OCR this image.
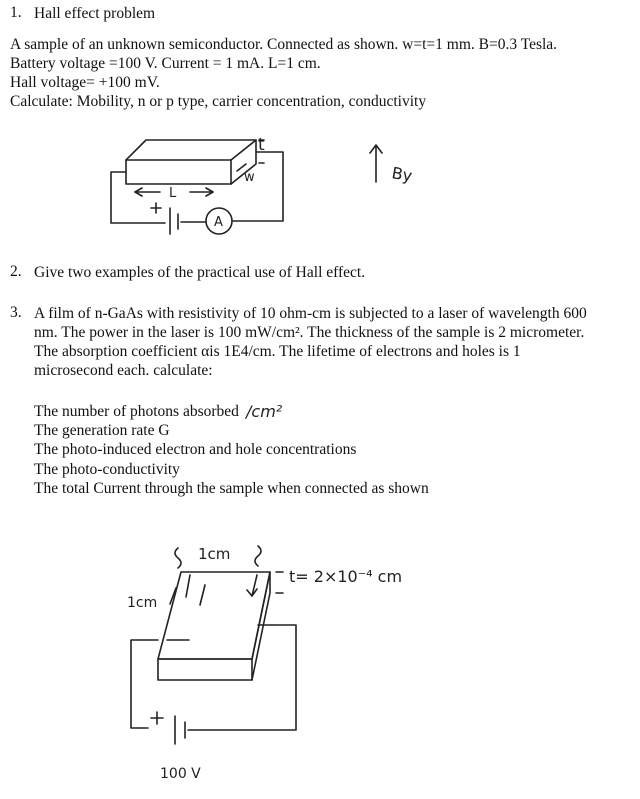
1. Hall effect problem
A sample of an unknown semiconductor. Connected as shown. w=t=1 mm. B=0.3 Tesla.
Battery voltage =100 V. Current = 1 mA. L=1 cm.
Hall voltage= +100 mV.
Calculate: Mobility, n or p type, carrier concentration, conductivity
t
w
L
A
By
2. Give two examples of the practical use of Hall effect.
3. A film of n-GaAs with resistivity of 10 ohm-cm is subjected to a laser of wavelength 600
nm. The power in the laser is 100 mW/cm². The thickness of the sample is 2 micrometer.
The absorption coefficient αis 1E4/cm. The lifetime of electrons and holes is 1
microsecond each. calculate:
The number of photons absorbed
The generation rate G
The photo-induced electron and hole concentrations
The photo-conductivity
The total Current through the sample when connected as shown
/cm²
1cm
1cm
t= 2×10⁻⁴ cm
100 V
